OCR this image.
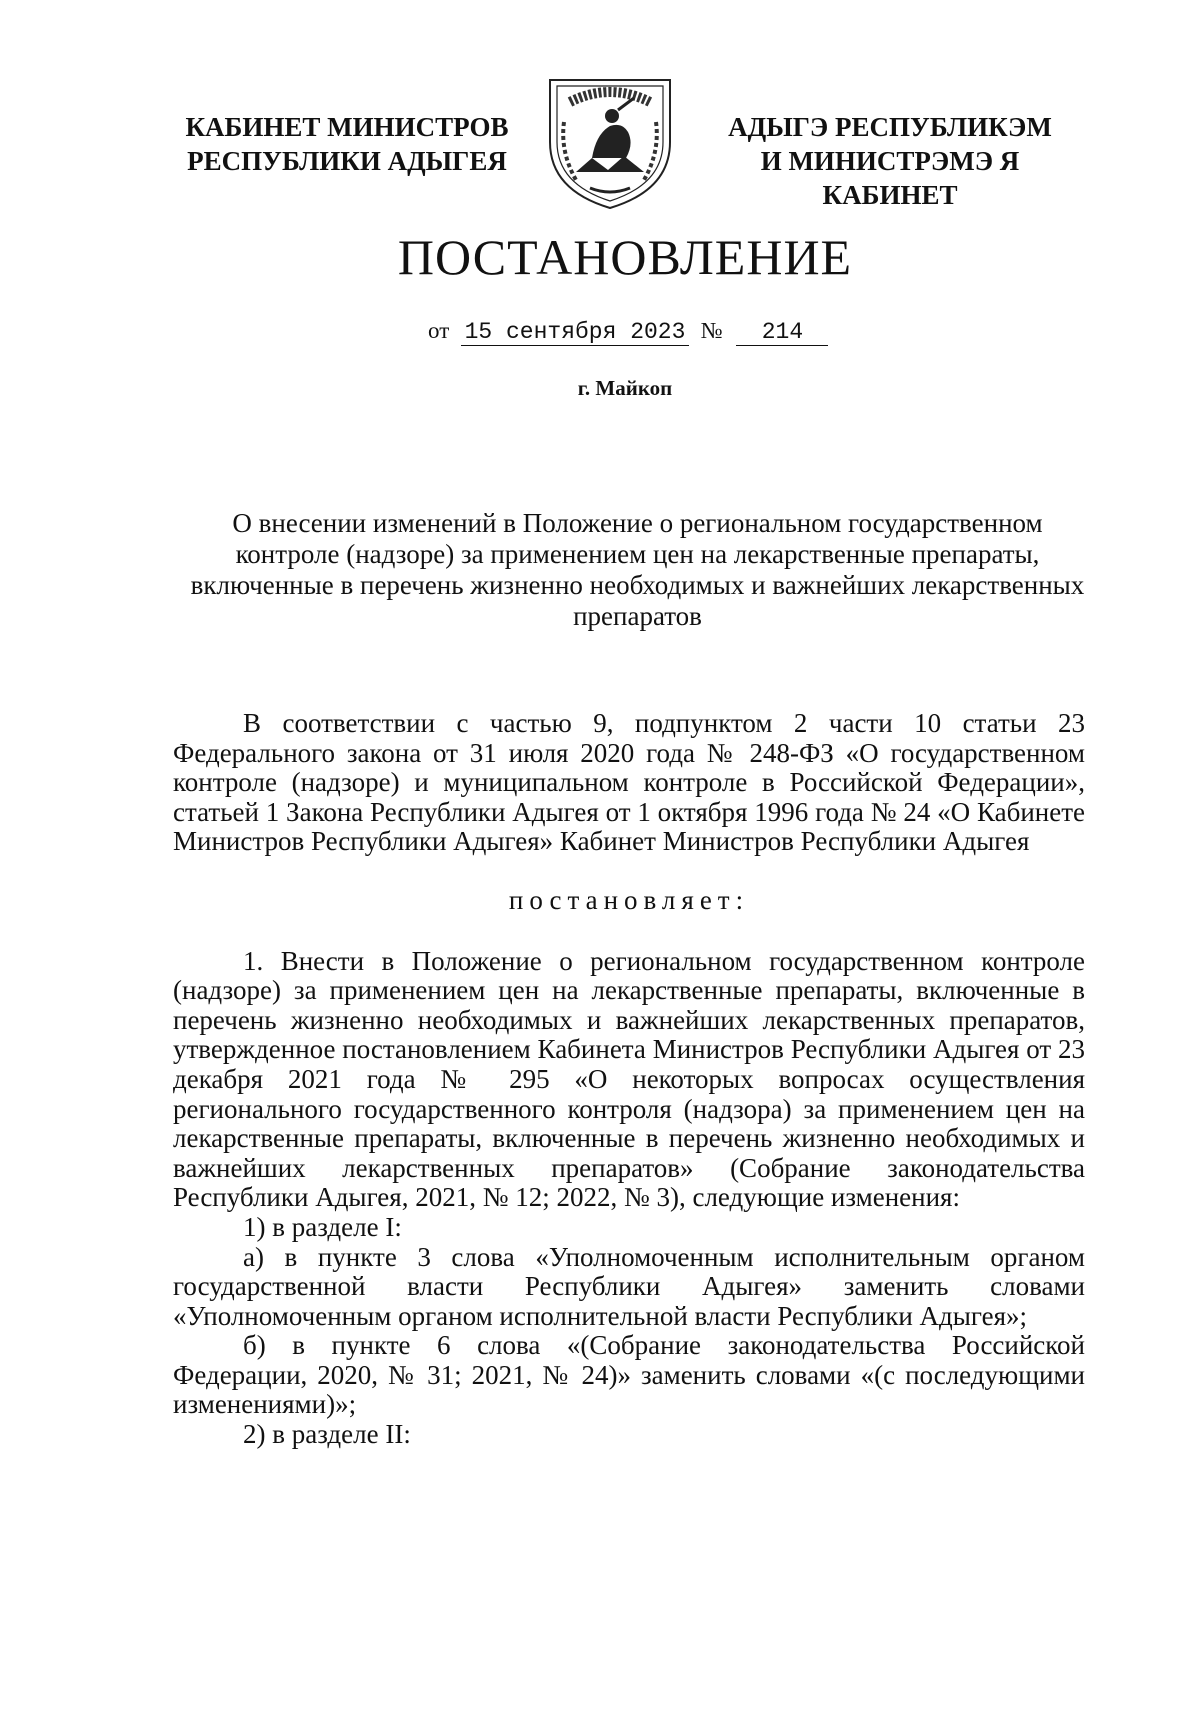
КАБИНЕТ МИНИСТРОВ
РЕСПУБЛИКИ АДЫГЕЯ
АДЫГЭ РЕСПУБЛИКЭМ
И МИНИСТРЭМЭ Я КАБИНЕТ
ПОСТАНОВЛЕНИЕ
от 15 сентября 2023 № 214
г. Майкоп
О внесении изменений в Положение о региональном государственном контроле (надзоре) за применением цен на лекарственные препараты, включенные в перечень жизненно необходимых и важнейших лекарственных препаратов

В соответствии с частью 9, подпунктом 2 части 10 статьи 23 Федерального закона от 31 июля 2020 года № 248-ФЗ «О государственном контроле (надзоре) и муниципальном контроле в Российской Федерации», статьей 1 Закона Республики Адыгея от 1 октября 1996 года № 24 «О Кабинете Министров Республики Адыгея» Кабинет Министров Республики Адыгея

постановляет:

1. Внести в Положение о региональном государственном контроле (надзоре) за применением цен на лекарственные препараты, включенные в перечень жизненно необходимых и важнейших лекарственных препаратов, утвержденное постановлением Кабинета Министров Республики Адыгея от 23 декабря 2021 года № 295 «О некоторых вопросах осуществления регионального государственного контроля (надзора) за применением цен на лекарственные препараты, включенные в перечень жизненно необходимых и важнейших лекарственных препаратов» (Собрание законодательства Республики Адыгея, 2021, № 12; 2022, № 3), следующие изменения:

1) в разделе I:

а) в пункте 3 слова «Уполномоченным исполнительным органом государственной власти Республики Адыгея» заменить словами «Уполномоченным органом исполнительной власти Республики Адыгея»;

б) в пункте 6 слова «(Собрание законодательства Российской Федерации, 2020, № 31; 2021, № 24)» заменить словами «(с последующими изменениями)»;

2) в разделе II:
